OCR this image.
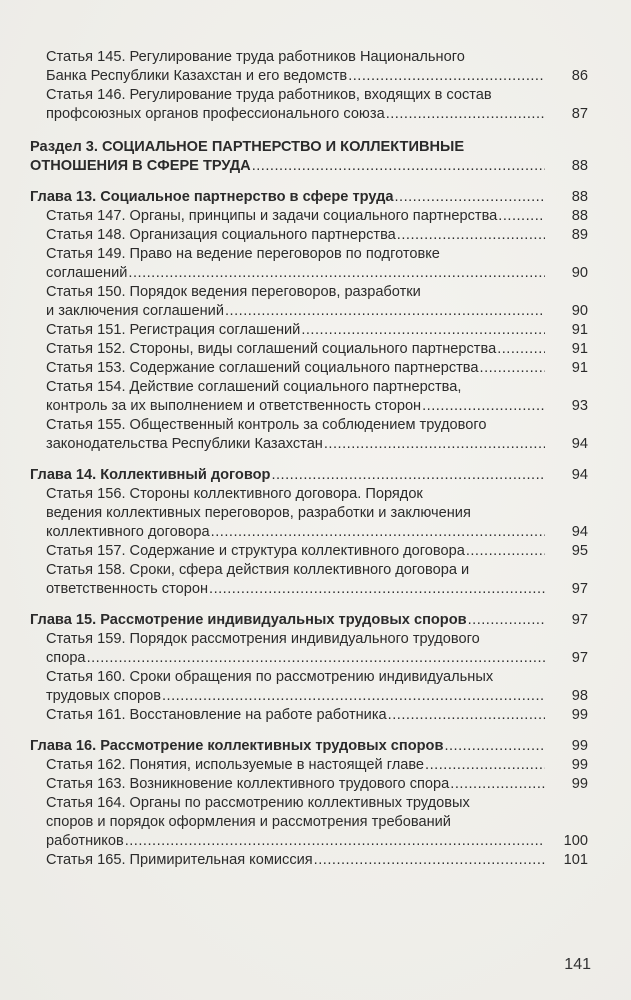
Статья 145. Регулирование труда работников Национального
Банка Республики Казахстан и его ведомств .....	86
Статья 146. Регулирование труда работников, входящих в состав
профсоюзных органов профессионального союза .....	87
Раздел 3. СОЦИАЛЬНОЕ ПАРТНЕРСТВО И КОЛЛЕКТИВНЫЕ
ОТНОШЕНИЯ В СФЕРЕ ТРУДА .....	88
Глава 13. Социальное партнерство в сфере труда .....	88
Статья 147. Органы, принципы и задачи социального партнерства .....	88
Статья 148. Организация социального партнерства .....	89
Статья 149. Право на ведение переговоров по подготовке
соглашений .....	90
Статья 150. Порядок ведения переговоров, разработки
и заключения соглашений .....	90
Статья 151. Регистрация соглашений .....	91
Статья 152. Стороны, виды соглашений социального партнерства .....	91
Статья 153. Содержание соглашений социального партнерства .....	91
Статья 154. Действие соглашений социального партнерства,
контроль за их выполнением и ответственность сторон .....	93
Статья 155. Общественный контроль за соблюдением трудового
законодательства Республики Казахстан .....	94
Глава 14. Коллективный договор .....	94
Статья 156. Стороны коллективного договора. Порядок
ведения коллективных переговоров, разработки и заключения
коллективного договора .....	94
Статья 157. Содержание и структура коллективного договора .....	95
Статья 158. Сроки, сфера действия коллективного договора и
ответственность сторон .....	97
Глава 15. Рассмотрение индивидуальных трудовых споров .....	97
Статья 159. Порядок рассмотрения индивидуального трудового
спора .....	97
Статья 160. Сроки обращения по рассмотрению индивидуальных
трудовых споров .....	98
Статья 161. Восстановление на работе работника .....	99
Глава 16. Рассмотрение коллективных трудовых споров .....	99
Статья 162. Понятия, используемые в настоящей главе .....	99
Статья 163. Возникновение коллективного трудового спора .....	99
Статья 164. Органы по рассмотрению коллективных трудовых
споров и порядок оформления и рассмотрения требований
работников .....	100
Статья 165. Примирительная комиссия .....	101
141
